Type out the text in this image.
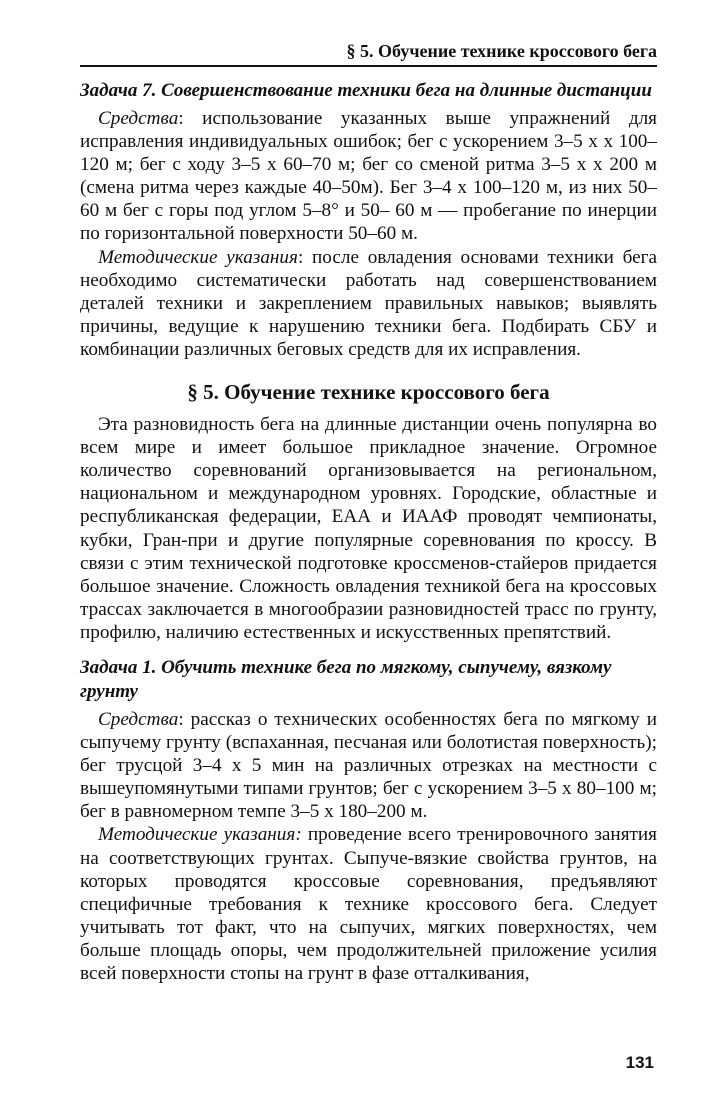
§ 5. Обучение технике кроссового бега
Задача 7. Совершенствование техники бега на длинные дистанции

Средства: использование указанных выше упражнений для исправления индивидуальных ошибок; бег с ускорением 3–5 х х 100–120 м; бег с ходу 3–5 х 60–70 м; бег со сменой ритма 3–5 х х 200 м (смена ритма через каждые 40–50м). Бег 3–4 х 100–120 м, из них 50–60 м бег с горы под углом 5–8° и 50– 60 м — пробегание по инерции по горизонтальной поверхности 50–60 м.

Методические указания: после овладения основами техники бега необходимо систематически работать над совершенствованием деталей техники и закреплением правильных навыков; выявлять причины, ведущие к нарушению техники бега. Подбирать СБУ и комбинации различных беговых средств для их исправления.

§ 5. Обучение технике кроссового бега

Эта разновидность бега на длинные дистанции очень популярна во всем мире и имеет большое прикладное значение. Огромное количество соревнований организовывается на региональном, национальном и международном уровнях. Городские, областные и республиканская федерации, ЕАА и ИААФ проводят чемпионаты, кубки, Гран-при и другие популярные соревнования по кроссу. В связи с этим технической подготовке кроссменов-стайеров придается большое значение. Сложность овладения техникой бега на кроссовых трассах заключается в многообразии разновидностей трасс по грунту, профилю, наличию естественных и искусственных препятствий.

Задача 1. Обучить технике бега по мягкому, сыпучему, вязкому грунту

Средства: рассказ о технических особенностях бега по мягкому и сыпучему грунту (вспаханная, песчаная или болотистая поверхность); бег трусцой 3–4 х 5 мин на различных отрезках на местности с вышеупомянутыми типами грунтов; бег с ускорением 3–5 х 80–100 м; бег в равномерном темпе 3–5 х 180–200 м.

Методические указания: проведение всего тренировочного занятия на соответствующих грунтах. Сыпуче-вязкие свойства грунтов, на которых проводятся кроссовые соревнования, предъявляют специфичные требования к технике кроссового бега. Следует учитывать тот факт, что на сыпучих, мягких поверхностях, чем больше площадь опоры, чем продолжительней приложение усилия всей поверхности стопы на грунт в фазе отталкивания,

131
